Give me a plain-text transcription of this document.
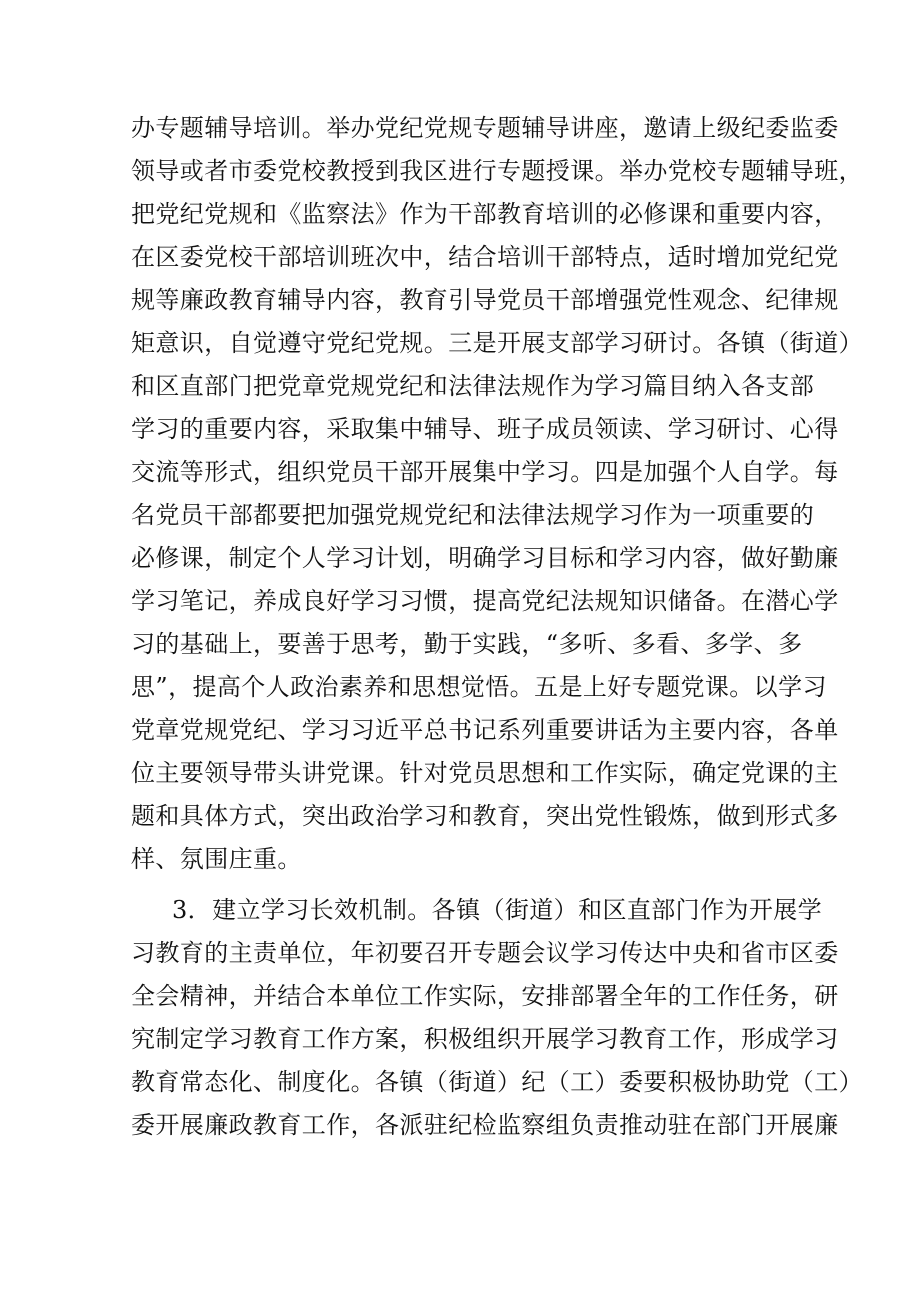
办专题辅导培训。举办党纪党规专题辅导讲座，邀请上级纪委监委
领导或者市委党校教授到我区进行专题授课。举办党校专题辅导班，
把党纪党规和《监察法》作为干部教育培训的必修课和重要内容，
在区委党校干部培训班次中，结合培训干部特点，适时增加党纪党
规等廉政教育辅导内容，教育引导党员干部增强党性观念、纪律规
矩意识，自觉遵守党纪党规。三是开展支部学习研讨。各镇（街道）
和区直部门把党章党规党纪和法律法规作为学习篇目纳入各支部
学习的重要内容，采取集中辅导、班子成员领读、学习研讨、心得
交流等形式，组织党员干部开展集中学习。四是加强个人自学。每
名党员干部都要把加强党规党纪和法律法规学习作为一项重要的
必修课，制定个人学习计划，明确学习目标和学习内容，做好勤廉
学习笔记，养成良好学习习惯，提高党纪法规知识储备。在潜心学
习的基础上，要善于思考，勤于实践，“多听、多看、多学、多
思”，提高个人政治素养和思想觉悟。五是上好专题党课。以学习
党章党规党纪、学习习近平总书记系列重要讲话为主要内容，各单
位主要领导带头讲党课。针对党员思想和工作实际，确定党课的主
题和具体方式，突出政治学习和教育，突出党性锻炼，做到形式多
样、氛围庄重。
3．建立学习长效机制。各镇（街道）和区直部门作为开展学
习教育的主责单位，年初要召开专题会议学习传达中央和省市区委
全会精神，并结合本单位工作实际，安排部署全年的工作任务，研
究制定学习教育工作方案，积极组织开展学习教育工作，形成学习
教育常态化、制度化。各镇（街道）纪（工）委要积极协助党（工）
委开展廉政教育工作，各派驻纪检监察组负责推动驻在部门开展廉
